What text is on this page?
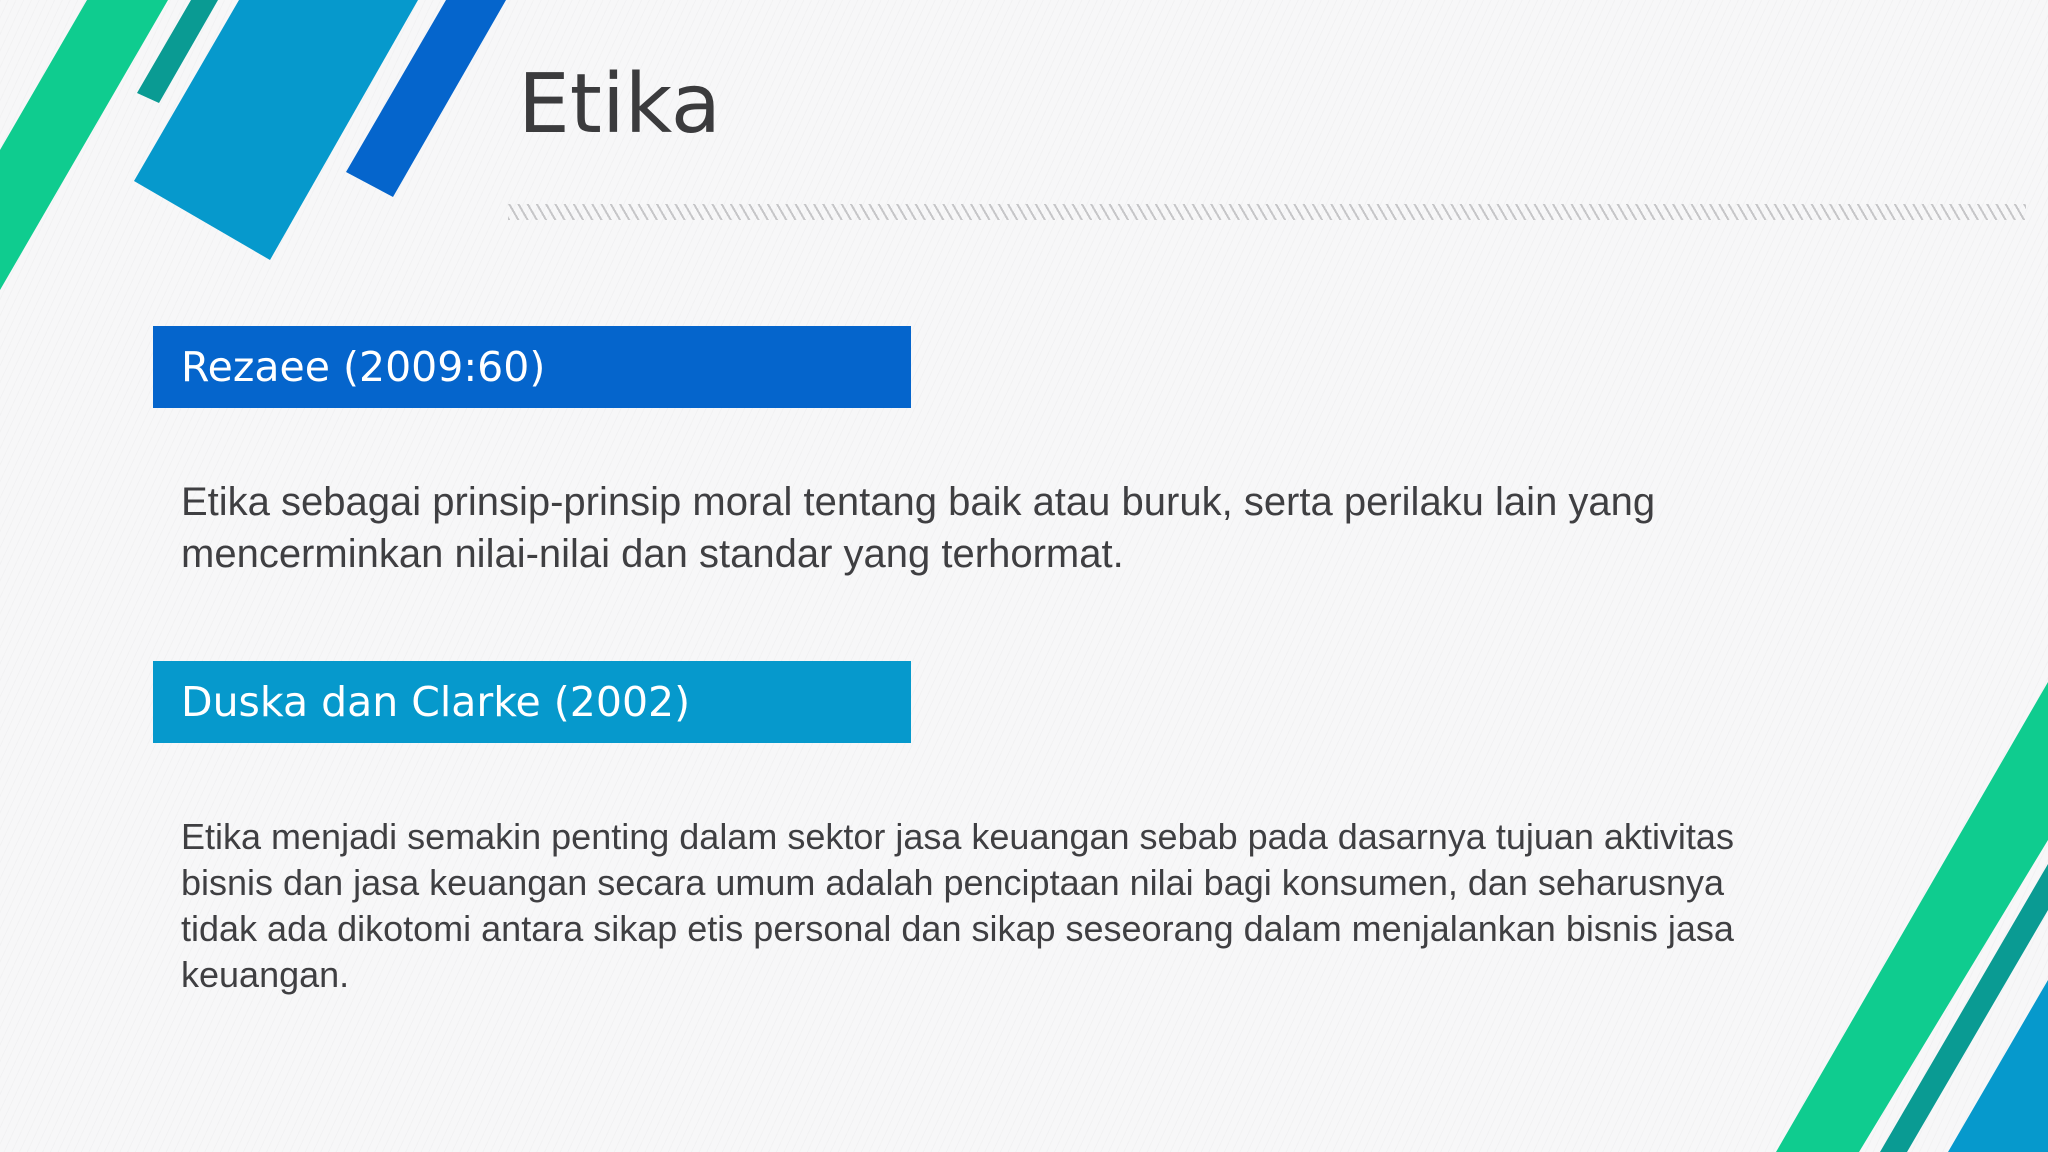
Etika
Rezaee (2009:60)

Etika sebagai prinsip-prinsip moral tentang baik atau buruk, serta perilaku lain yang mencerminkan nilai-nilai dan standar yang terhormat.

Duska dan Clarke (2002)

Etika menjadi semakin penting dalam sektor jasa keuangan sebab pada dasarnya tujuan aktivitas bisnis dan jasa keuangan secara umum adalah penciptaan nilai bagi konsumen, dan seharusnya tidak ada dikotomi antara sikap etis personal dan sikap seseorang dalam menjalankan bisnis jasa keuangan.
